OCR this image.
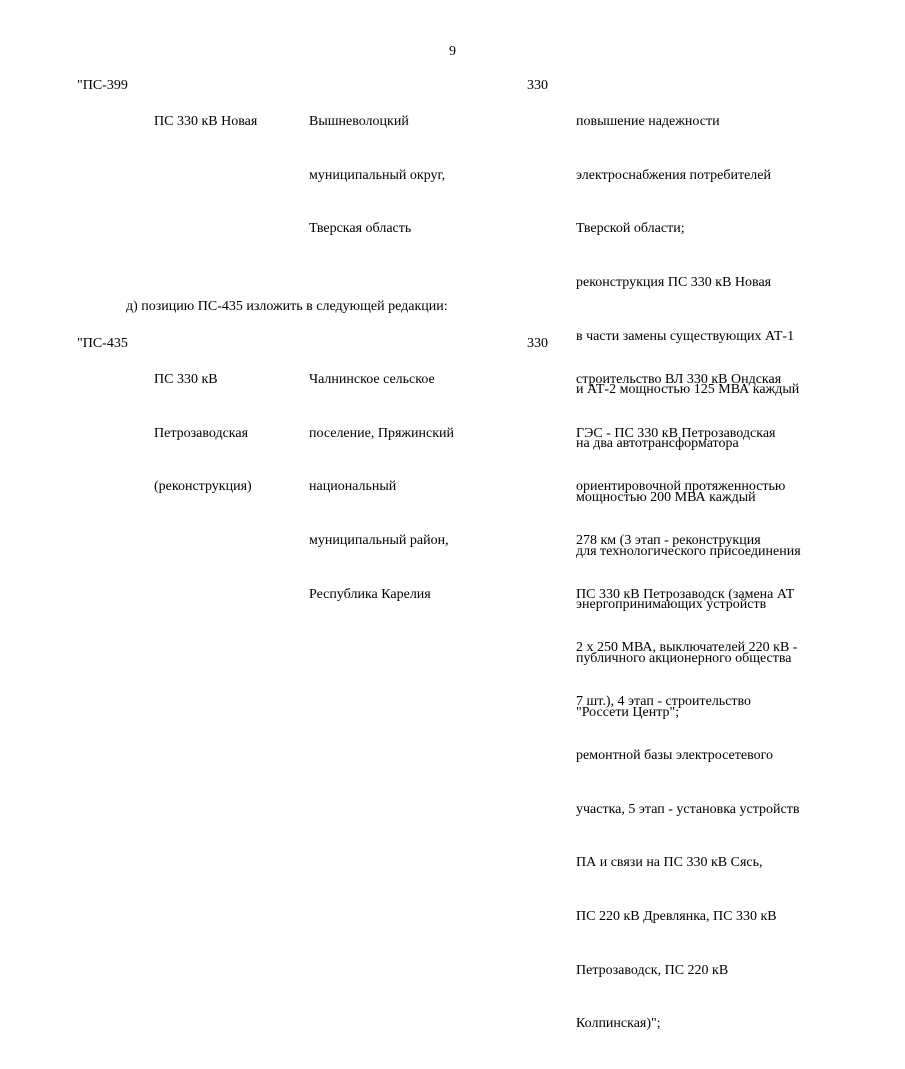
9
"ПС-399

ПС 330 кВ Новая

	Вышневолоцкий

муниципальный округ,

Тверская область

330

повышение надежности

электроснабжения потребителей

Тверской области;

реконструкция ПС 330 кВ Новая

в части замены существующих АТ-1

и АТ-2 мощностью 125 МВА каждый

на два автотрансформатора

мощностью 200 МВА каждый

для технологического присоединения

энергопринимающих устройств

публичного акционерного общества

"Россети Центр";

д) позицию ПС-435 изложить в следующей редакции:
"ПС-435

ПС 330 кВ

Петрозаводская

(реконструкция)

Чалнинское сельское

поселение, Пряжинский

национальный

муниципальный район,

Республика Карелия

330

строительство ВЛ 330 кВ Ондская

ГЭС - ПС 330 кВ Петрозаводская

ориентировочной протяженностью

278 км (3 этап - реконструкция

ПС 330 кВ Петрозаводск (замена АТ

2 х 250 МВА, выключателей 220 кВ -

7 шт.), 4 этап - строительство

ремонтной базы электросетевого

участка, 5 этап - установка устройств

ПА и связи на ПС 330 кВ Сясь,

ПС 220 кВ Древлянка, ПС 330 кВ

Петрозаводск, ПС 220 кВ

Колпинская)";
